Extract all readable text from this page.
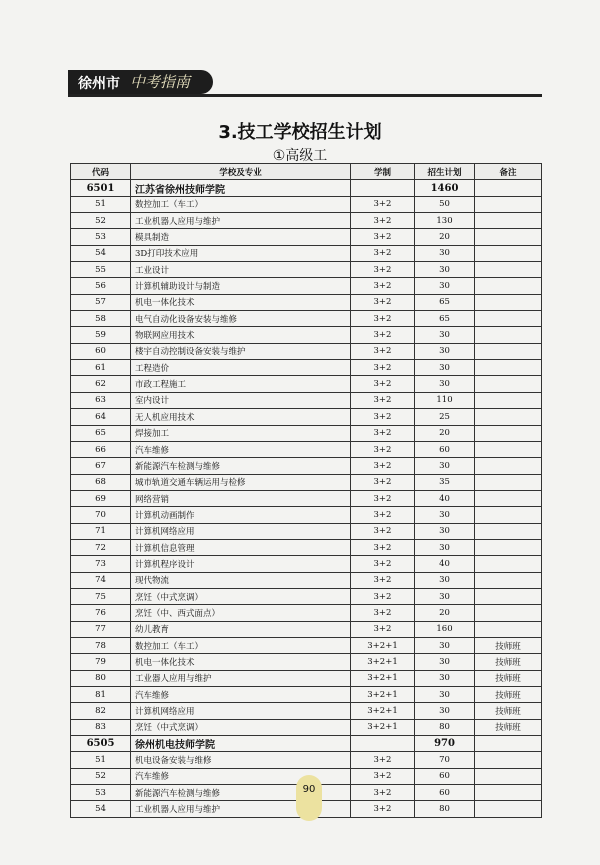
徐州市 中考指南
3.技工学校招生计划
①高级工
代码	学校及专业	学制	招生计划	备注
6501	江苏省徐州技师学院		1460	
51	数控加工（车工）	3+2	50	
52	工业机器人应用与维护	3+2	130	
53	模具制造	3+2	20	
54	3D打印技术应用	3+2	30	
55	工业设计	3+2	30	
56	计算机辅助设计与制造	3+2	30	
57	机电一体化技术	3+2	65	
58	电气自动化设备安装与维修	3+2	65	
59	物联网应用技术	3+2	30	
60	楼宇自动控制设备安装与维护	3+2	30	
61	工程造价	3+2	30	
62	市政工程施工	3+2	30	
63	室内设计	3+2	110	
64	无人机应用技术	3+2	25	
65	焊接加工	3+2	20	
66	汽车维修	3+2	60	
67	新能源汽车检测与维修	3+2	30	
68	城市轨道交通车辆运用与检修	3+2	35	
69	网络营销	3+2	40	
70	计算机动画制作	3+2	30	
71	计算机网络应用	3+2	30	
72	计算机信息管理	3+2	30	
73	计算机程序设计	3+2	40	
74	现代物流	3+2	30	
75	烹饪（中式烹调）	3+2	30	
76	烹饪（中、西式面点）	3+2	20	
77	幼儿教育	3+2	160	
78	数控加工（车工）	3+2+1	30	技师班
79	机电一体化技术	3+2+1	30	技师班
80	工业器人应用与维护	3+2+1	30	技师班
81	汽车维修	3+2+1	30	技师班
82	计算机网络应用	3+2+1	30	技师班
83	烹饪（中式烹调）	3+2+1	80	技师班
6505	徐州机电技师学院		970	
51	机电设备安装与维修	3+2	70	
52	汽车维修	3+2	60	
53	新能源汽车检测与维修	3+2	60	
54	工业机器人应用与维护	3+2	80	
90
